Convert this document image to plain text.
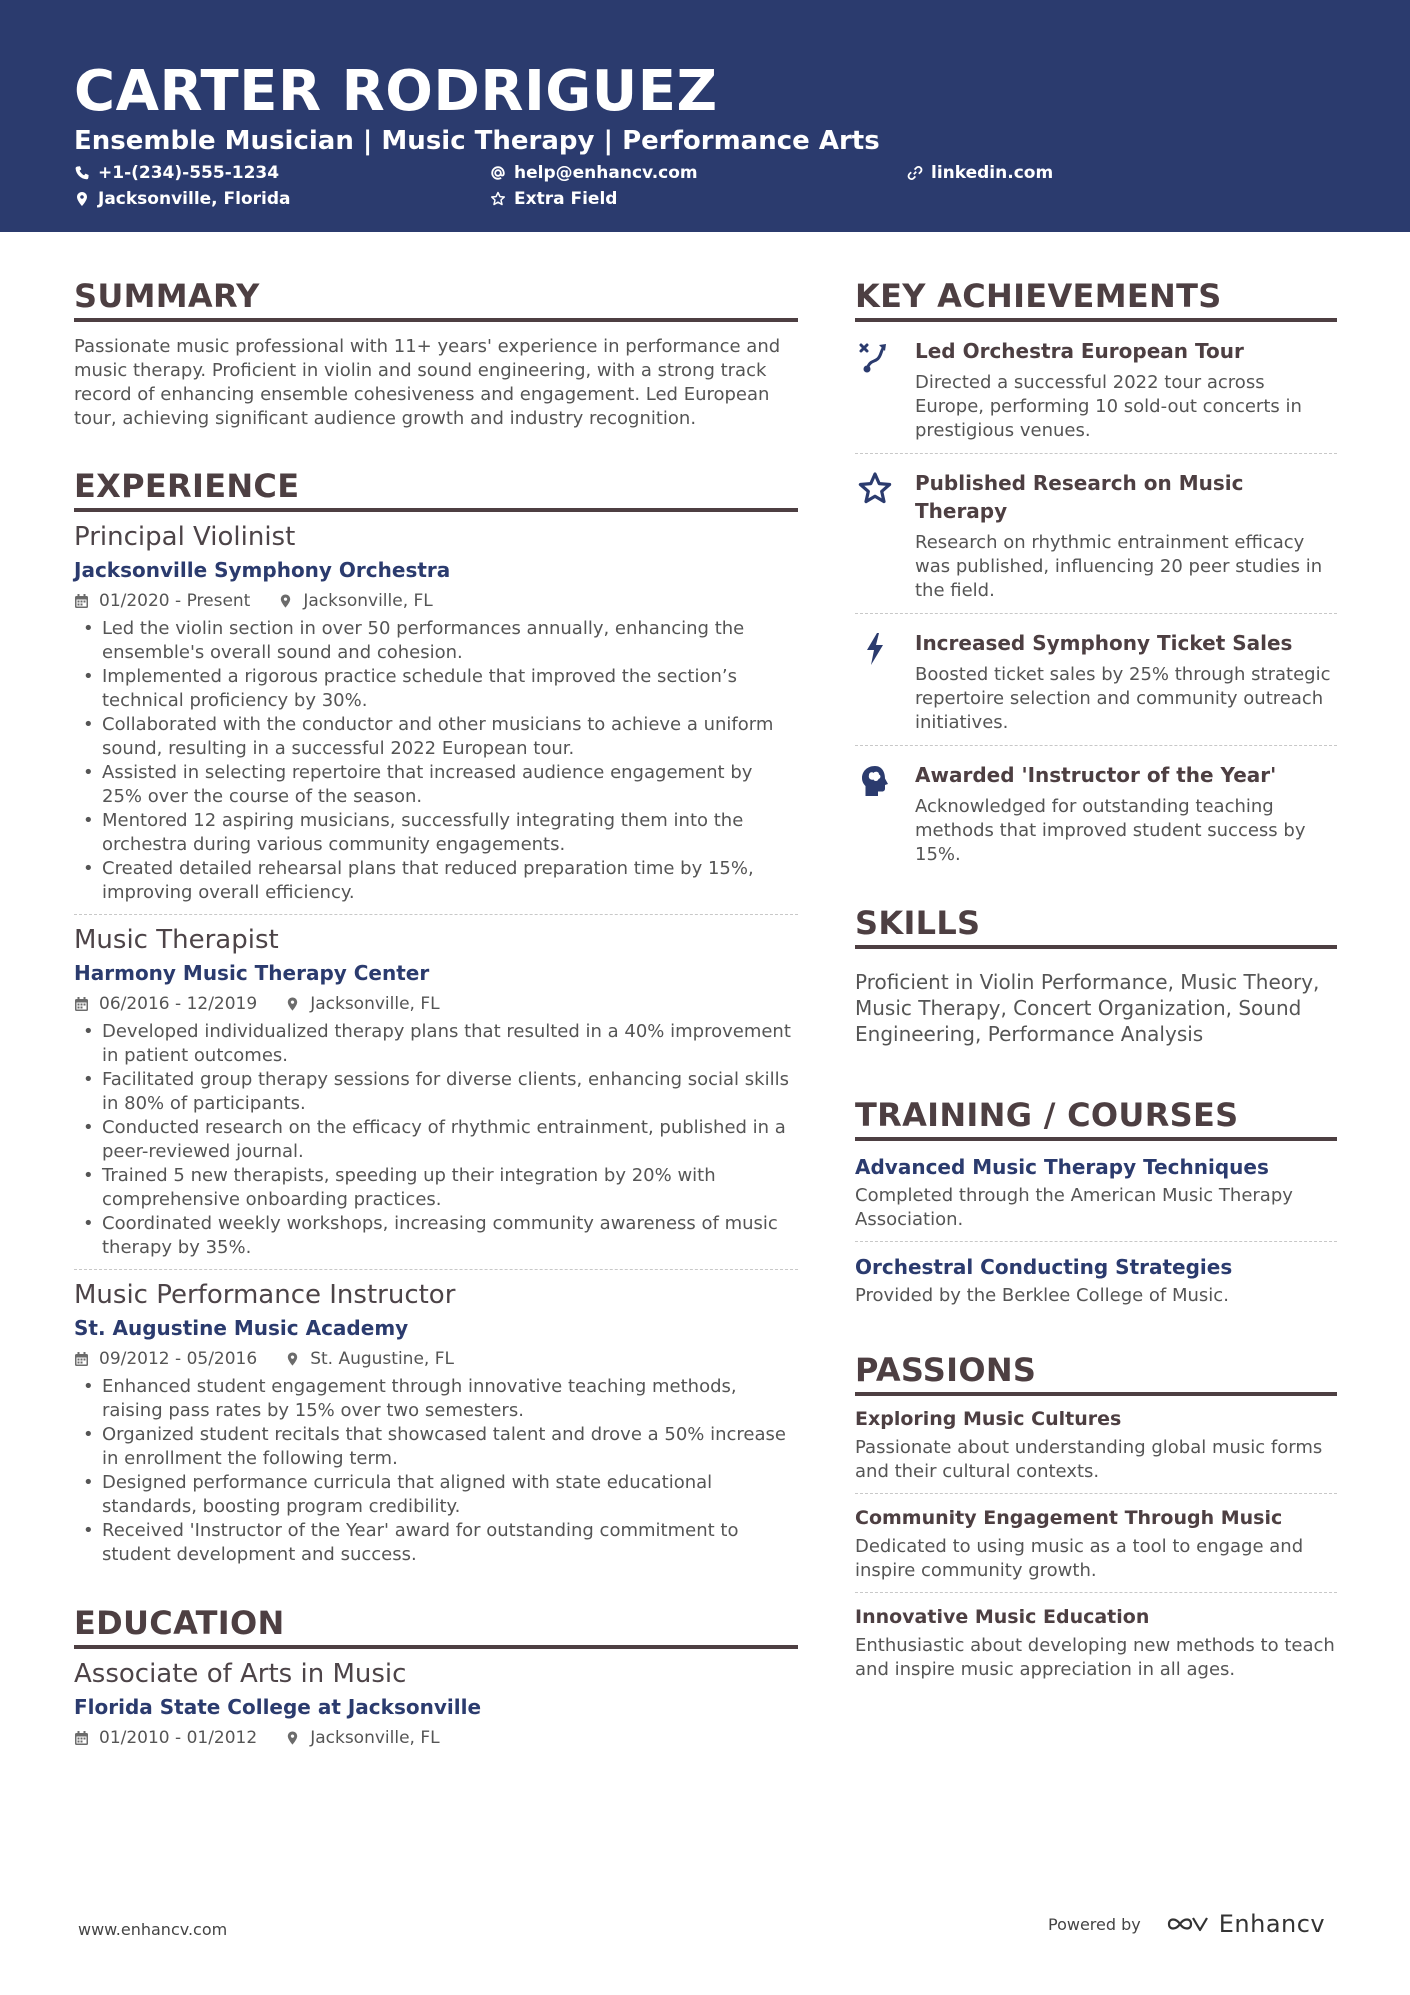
CARTER RODRIGUEZ
Ensemble Musician | Music Therapy | Performance Arts
+1-(234)-555-1234	help@enhancv.com	linkedin.com
Jacksonville, Florida	Extra Field
SUMMARY

Passionate music professional with 11+ years' experience in performance and music therapy. Proficient in violin and sound engineering, with a strong track record of enhancing ensemble cohesiveness and engagement. Led European tour, achieving significant audience growth and industry recognition.

EXPERIENCE
Principal Violinist
Jacksonville Symphony Orchestra
01/2020 - Present	Jacksonville, FL
• Led the violin section in over 50 performances annually, enhancing the ensemble's overall sound and cohesion.
• Implemented a rigorous practice schedule that improved the section’s technical proficiency by 30%.
• Collaborated with the conductor and other musicians to achieve a uniform sound, resulting in a successful 2022 European tour.
• Assisted in selecting repertoire that increased audience engagement by 25% over the course of the season.
• Mentored 12 aspiring musicians, successfully integrating them into the orchestra during various community engagements.
• Created detailed rehearsal plans that reduced preparation time by 15%, improving overall efficiency.
Music Therapist
Harmony Music Therapy Center
06/2016 - 12/2019	Jacksonville, FL
• Developed individualized therapy plans that resulted in a 40% improvement in patient outcomes.
• Facilitated group therapy sessions for diverse clients, enhancing social skills in 80% of participants.
• Conducted research on the efficacy of rhythmic entrainment, published in a peer-reviewed journal.
• Trained 5 new therapists, speeding up their integration by 20% with comprehensive onboarding practices.
• Coordinated weekly workshops, increasing community awareness of music therapy by 35%.
Music Performance Instructor
St. Augustine Music Academy
09/2012 - 05/2016	St. Augustine, FL
• Enhanced student engagement through innovative teaching methods, raising pass rates by 15% over two semesters.
• Organized student recitals that showcased talent and drove a 50% increase in enrollment the following term.
• Designed performance curricula that aligned with state educational standards, boosting program credibility.
• Received 'Instructor of the Year' award for outstanding commitment to student development and success.
EDUCATION
Associate of Arts in Music
Florida State College at Jacksonville
01/2010 - 01/2012	Jacksonville, FL
KEY ACHIEVEMENTS
Led Orchestra European Tour
Directed a successful 2022 tour across Europe, performing 10 sold-out concerts in prestigious venues.
Published Research on Music Therapy
Research on rhythmic entrainment efficacy was published, influencing 20 peer studies in the field.
Increased Symphony Ticket Sales
Boosted ticket sales by 25% through strategic repertoire selection and community outreach initiatives.
Awarded 'Instructor of the Year'
Acknowledged for outstanding teaching methods that improved student success by 15%.
SKILLS

Proficient in Violin Performance, Music Theory, Music Therapy, Concert Organization, Sound Engineering, Performance Analysis

TRAINING / COURSES
Advanced Music Therapy Techniques
Completed through the American Music Therapy Association.
Orchestral Conducting Strategies
Provided by the Berklee College of Music.
PASSIONS
Exploring Music Cultures
Passionate about understanding global music forms and their cultural contexts.
Community Engagement Through Music
Dedicated to using music as a tool to engage and inspire community growth.
Innovative Music Education
Enthusiastic about developing new methods to teach and inspire music appreciation in all ages.
www.enhancv.com	Powered by	Enhancv
